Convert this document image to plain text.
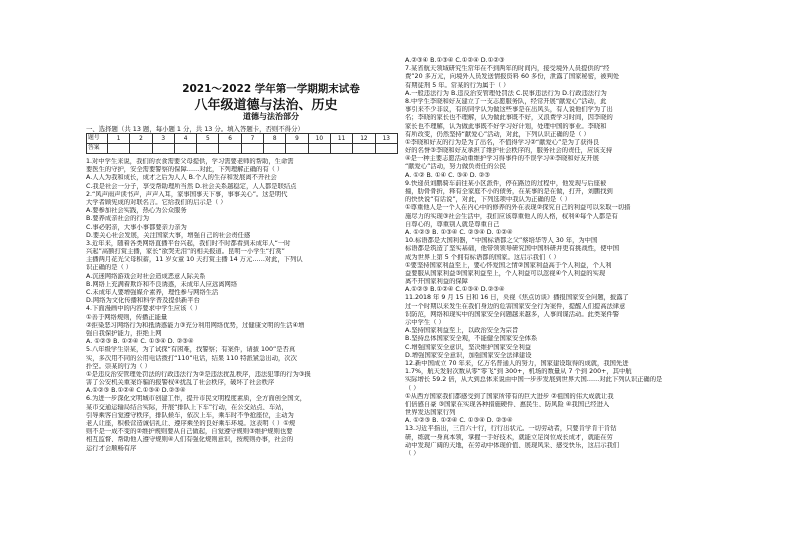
2021～2022 学年第一学期期末试卷
八年级道德与法治、历史
道德与法治部分
一、选择题（共 13 题，每小题 1 分，共 13 分。填入答题卡，否则不得分）
题号	1	2	3	4	5	6	7	8	9	10	11	12	13
答案													
1.对中学生来说，我们的衣食需要父母提供，学习需要老师的帮助，生命需
要医生的守护，安全需要警察的保障……对此，下列理解正确的有（ ）
A.人人为我和成长，成才之后为人人 B.个人的生存和发展离不开社会
C.我是社会一分子，享受帮助理所当然 D.社会关系越稳定，人人都是联结点
2.“风声雨声读书声，声声入耳，家事国事天下事，事事关心”。这是明代
大学者顾宪成的对联名言。它给我们的启示是（ ）
A.要参加社会实践，热心为公众服务
B.要养成亲社会的行为
C.事必躬亲，大事小事都要亲力亲为
D.要关心社会发展，关注国家大事，增强自己的社会责任感
3.近年来，随着各类网络直播平台兴起，我们时不时都看到未成年人“一时
兴起”高额打赏主播，家长“欲哭无泪”的相关报道。昆明一小学生“打赏”
主播两月花光父母积蓄，11 岁女童 10 天打赏主播 14 万元……对此，下列认
识正确的是（ ）
A.沉迷网络游戏会对社会造成恶意人际关系
B.网络上充满着欺诈和不良诱惑，未成年人应远离网络
C.未成年人要增强媒介素养，理性参与网络生活
D.网络为文化传播和科学普及提供新平台
4.下面漫画中的内容要求中学生应该（ ）
①善于网络规则，传播正能量
②拒染恶习网络行为和抵诱惑能力③充分利用网络优势，过健康文明的生活④增
强自我保护能力，拒绝上网
A. ①②③ B. ①②④ C. ①③④ D. ②③④
5.八年级学生崇某，为了试探“有困难，找警察；有案件，请拔 100”是否真
实，多次用不同的公用电话拨打“110”电话，结果 110 特派紧急出动，次次
扑空。崇某的行为（ ）
①是违反治安管理处罚法的行政违法行为②是违法扰乱秩序，违法犯罪的行为③损
害了公安机关重案诈骗的报警权④扰乱了社会秩序，破坏了社会秩序
A.①②③ B.①②④ C.①③④ D.②③④
6.为进一步深化文明城市创建工作，提升市民文明程度素质，全方面创全国文，
某市交通运输局结合实际，开展“排队上下车”行动，在公交站点、车站，
引导乘客自觉遵守秩序，排队候车，依次上车，乘车时不争抢座位，主动为
老人让座，积极营造诚信礼让、遵序乘坐的良好乘车环境。这表明（ ）①规
则不是一成不变的②维护规则要从自己做起，自觉遵守规则③维护规则也要
相互监督、帮助他人遵守规则④人们有强化规则意识，按规则办事，社会的
运行才会顺畅有序
A.②③④ B.①③④ C.①②④ D.①②③
7.某省航天领域研究生常年在不到两年的时间内，接受境外人员提供的“经
费”20 多万元，向境外人员发送情报资料 60 多份，泄露了国家秘密，被判处
有期徒刑 5 年。常某的行为属于（ ）
A.一般违法行为 B.违反治安管理处罚法 C.民事违法行为 D.行政违法行为
8.中学生李晓和好友建立了一支志愿服务队，经常开展“献爱心”活动，此
事引来不少非议，有的同学认为做这些事是在出风头，有人说他们学为了出
名；李晓的家长也不理解，认为做此事既不好，又浪费学习时间，因李晓的
家长也不理解，认为做此事既不好学习好计划，处理中国的事业。李晓和
有所改变，仍然坚持“献爱心”活动，对此，下列认识正确的是（ ）
①李晓和好友的行为是为了出名，不值得学习②“献爱心”是为了获得良
好的名誉③李晓和好友承担了维护社会秩序的，服务社会的责任，应该支持
④是一种主要志愿活动重维护学习得事件的不误学习④李晓和好友开展
“献爱心”活动，努力做负责任的公民
A. ①② B. ①④ C. ③④ D. ②③
9.快递员刘鹏骑车前往某小区派件，停在路边的过程中，他发现与后座被
撞，肋骨骨折，释有全家庭不小的债务，在某事的是在做，打开，刘鹏找到
的快快说“有话说”，对此，下列选项中我认为正确的是（ ）
①尊重他人是一个人在内心中的修养的外在表现②探究自己的利益可以采取一切措
施尽力的实现③社会生活中，我们应该尊重他人的人格，权利④每个人都是有
自尊心的，尊重别人就是尊重自己
A. ①②③ B. ①③④ C. ②③④ D. ①②④
10.标语都是大国利器，“中国标语都之父”蔡培华等人 30 年，为中国
标语都是筑造了坚实基础，他带领领导研究国中国科研并更有挑战性，使中国
成为世界上第 5 个拥有标语都的国家。这启示我们（ ）
①要坚持国家利益至上，要心怀爱国之情②国家利益高于个人利益，个人利
益要服从国家利益③国家利益至上，个人利益可以忽视④个人利益的实现
离不开国家利益的保障
A.①②③ B.①②④ C.①③④ D.②③④
11.2018 年 9 月 15 日和 16 日，央视《焦点访谈》播报国家安全问题，披露了
过一个时期以来发生在我们身边的危害国家安全行为案件，提醒人们提高法律意
识防范，网络和现实中的国家安全问题越来越多，人事间谍活动。此类案件警
示中学生（ ）
A.坚持国家利益至上，以政治安全为宗旨
B.坚持总体国家安全观，不能健全国家安全体系
C.增强国家安全意识，坚决维护国家安全利益
D.增强国家安全意识，加强国家安全法律建设
12.新中国成立 70 年来，亿万名普通人的努力，国家建设取得的成就，我国先进
1.7%，航天发射次数从零“零飞”到 300+，机场的数量从 7 个到 200+，其中航
实际增长 59.2 倍，从大到总体来说由中国一步步发展到世界大国……对此下列认识正确的是
（ ）
①从西方国家我们都感受到了国家所带有的巨大进步 ②祖国的伟大成就让我
们倍感自豪 ③国家在实现各种措施硬件、惠民生、防风险 ④我国已经进入
世界发达国家行列
A. ①②③ B. ①②④ C. ①③④ D. ②③④
13.习近平指出，三百六十行，行行出状元。一切劳动者，只要肯学肯干肯钻
研，练就一身真本领，掌握一手好技术，就能立足岗位成长成才，就能在劳
动中发现广阔的天地，在劳动中体现价值、展现风采、感受快乐，这启示我们
（ ）
